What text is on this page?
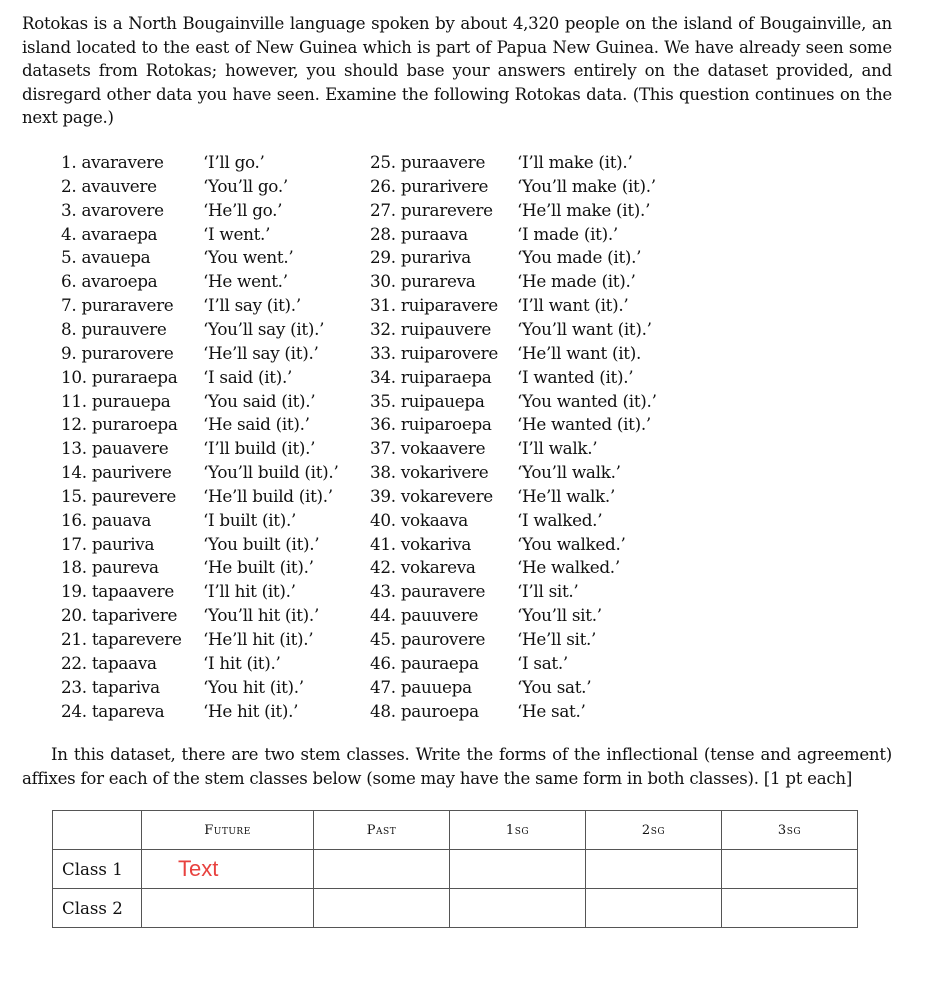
Rotokas is a North Bougainville language spoken by about 4,320 people on the island of Bougainville, an island located to the east of New Guinea which is part of Papua New Guinea. We have already seen some datasets from Rotokas; however, you should base your answers entirely on the dataset provided, and disregard other data you have seen. Examine the following Rotokas data. (This question continues on the next page.)

1. avaravere ‘I’ll go.’	25. puraavere ‘I’ll make (it).’
2. avauvere	‘You’ll go.’	26. purarivere ‘You’ll make (it).’
3. avarovere ‘He’ll go.’	27. purarevere ‘He’ll make (it).’
4. avaraepa	‘I went.’	28. puraava	‘I made (it).’
5. avauepa	‘You went.’	29. purariva	‘You made (it).’
6. avaroepa	‘He went.’	30. purareva ‘He made (it).’
7. puraravere ‘I’ll say (it).’	31. ruiparavere ‘I’ll want (it).’
8. purauvere ‘You’ll say (it).’	32. ruipauvere ‘You’ll want (it).’
9. purarovere ‘He’ll say (it).’	33. ruiparovere ‘He’ll want (it).
10. puraraepa ‘I said (it).’	34. ruiparaepa ‘I wanted (it).’
11. purauepa ‘You said (it).’	35. ruipauepa ‘You wanted (it).’
12. puraroepa ‘He said (it).’	36. ruiparoepa ‘He wanted (it).’
13. pauavere ‘I’ll build (it).’	37. vokaavere ‘I’ll walk.’
14. paurivere ‘You’ll build (it).’ 38. vokarivere ‘You’ll walk.’
15. paurevere ‘He’ll build (it).’ 39. vokarevere ‘He’ll walk.’
16. pauava	‘I built (it).’	40. vokaava	‘I walked.’
17. pauriva	‘You built (it).’	41. vokariva	‘You walked.’
18. paureva	‘He built (it).’	42. vokareva ‘He walked.’
19. tapaavere ‘I’ll hit (it).’	43. pauravere ‘I’ll sit.’
20. taparivere ‘You’ll hit (it).’	44. pauuvere ‘You’ll sit.’
21. taparevere ‘He’ll hit (it).’	45. paurovere ‘He’ll sit.’
22. tapaava	‘I hit (it).’	46. pauraepa ‘I sat.’
23. tapariva	‘You hit (it).’	47. pauuepa	‘You sat.’
24. tapareva ‘He hit (it).’	48. pauroepa ‘He sat.’

In this dataset, there are two stem classes. Write the forms of the inflectional (tense and agreement) affixes for each of the stem classes below (some may have the same form in both classes). [1 pt each]

	Future	Past	1sg	2sg	3sg
Class 1	Text				
Class 2					
